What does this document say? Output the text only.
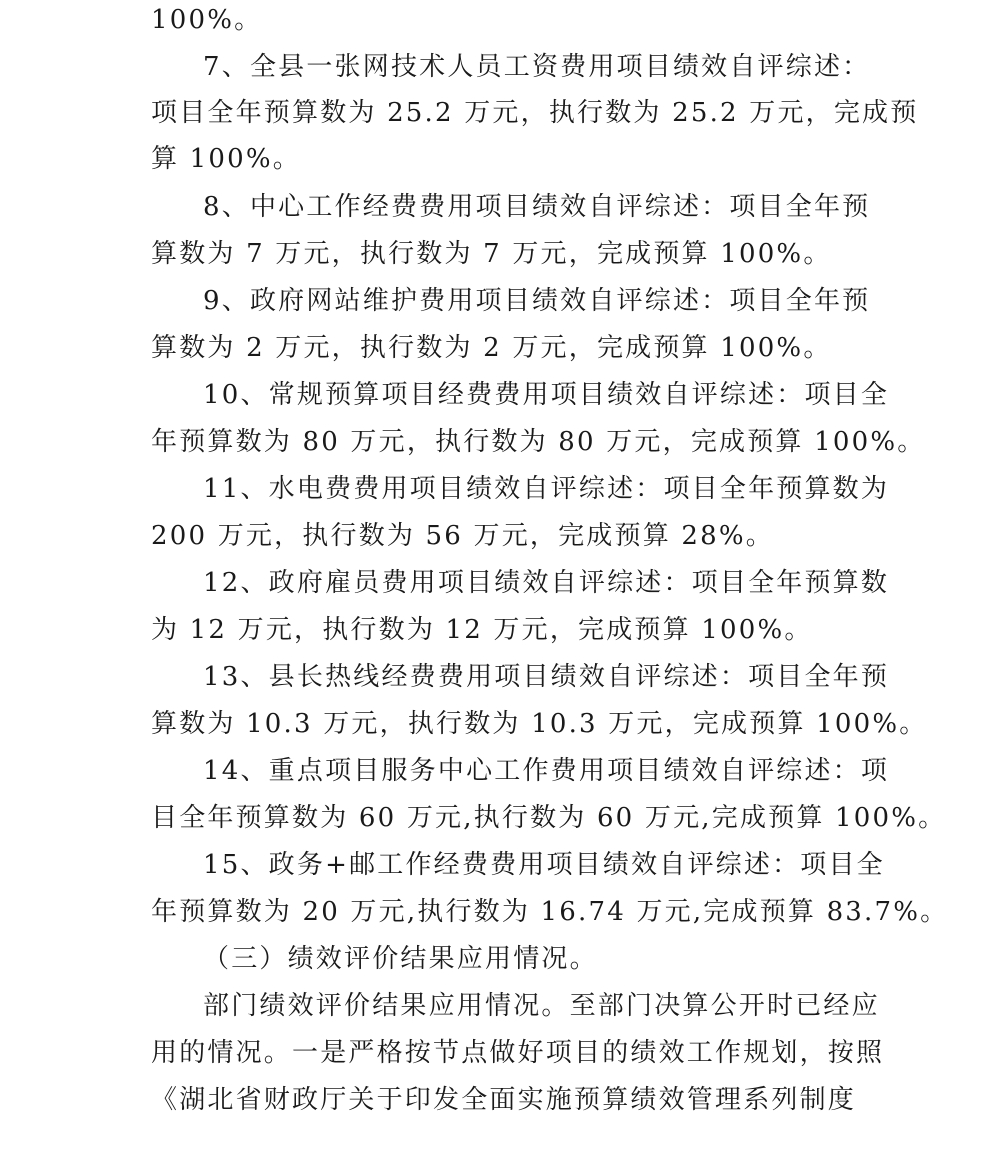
100%。
7、全县一张网技术人员工资费用项目绩效自评综述：
项目全年预算数为 25.2 万元，执行数为 25.2 万元，完成预
算 100%。
8、中心工作经费费用项目绩效自评综述：项目全年预
算数为 7 万元，执行数为 7 万元，完成预算 100%。
9、政府网站维护费用项目绩效自评综述：项目全年预
算数为 2 万元，执行数为 2 万元，完成预算 100%。
10、常规预算项目经费费用项目绩效自评综述：项目全
年预算数为 80 万元，执行数为 80 万元，完成预算 100%。
11、水电费费用项目绩效自评综述：项目全年预算数为
200 万元，执行数为 56 万元，完成预算 28%。
12、政府雇员费用项目绩效自评综述：项目全年预算数
为 12 万元，执行数为 12 万元，完成预算 100%。
13、县长热线经费费用项目绩效自评综述：项目全年预
算数为 10.3 万元，执行数为 10.3 万元，完成预算 100%。
14、重点项目服务中心工作费用项目绩效自评综述：项
目全年预算数为 60 万元,执行数为 60 万元,完成预算 100%。
15、政务+邮工作经费费用项目绩效自评综述：项目全
年预算数为 20 万元,执行数为 16.74 万元,完成预算 83.7%。
（三）绩效评价结果应用情况。
部门绩效评价结果应用情况。至部门决算公开时已经应
用的情况。一是严格按节点做好项目的绩效工作规划，按照
《湖北省财政厅关于印发全面实施预算绩效管理系列制度
